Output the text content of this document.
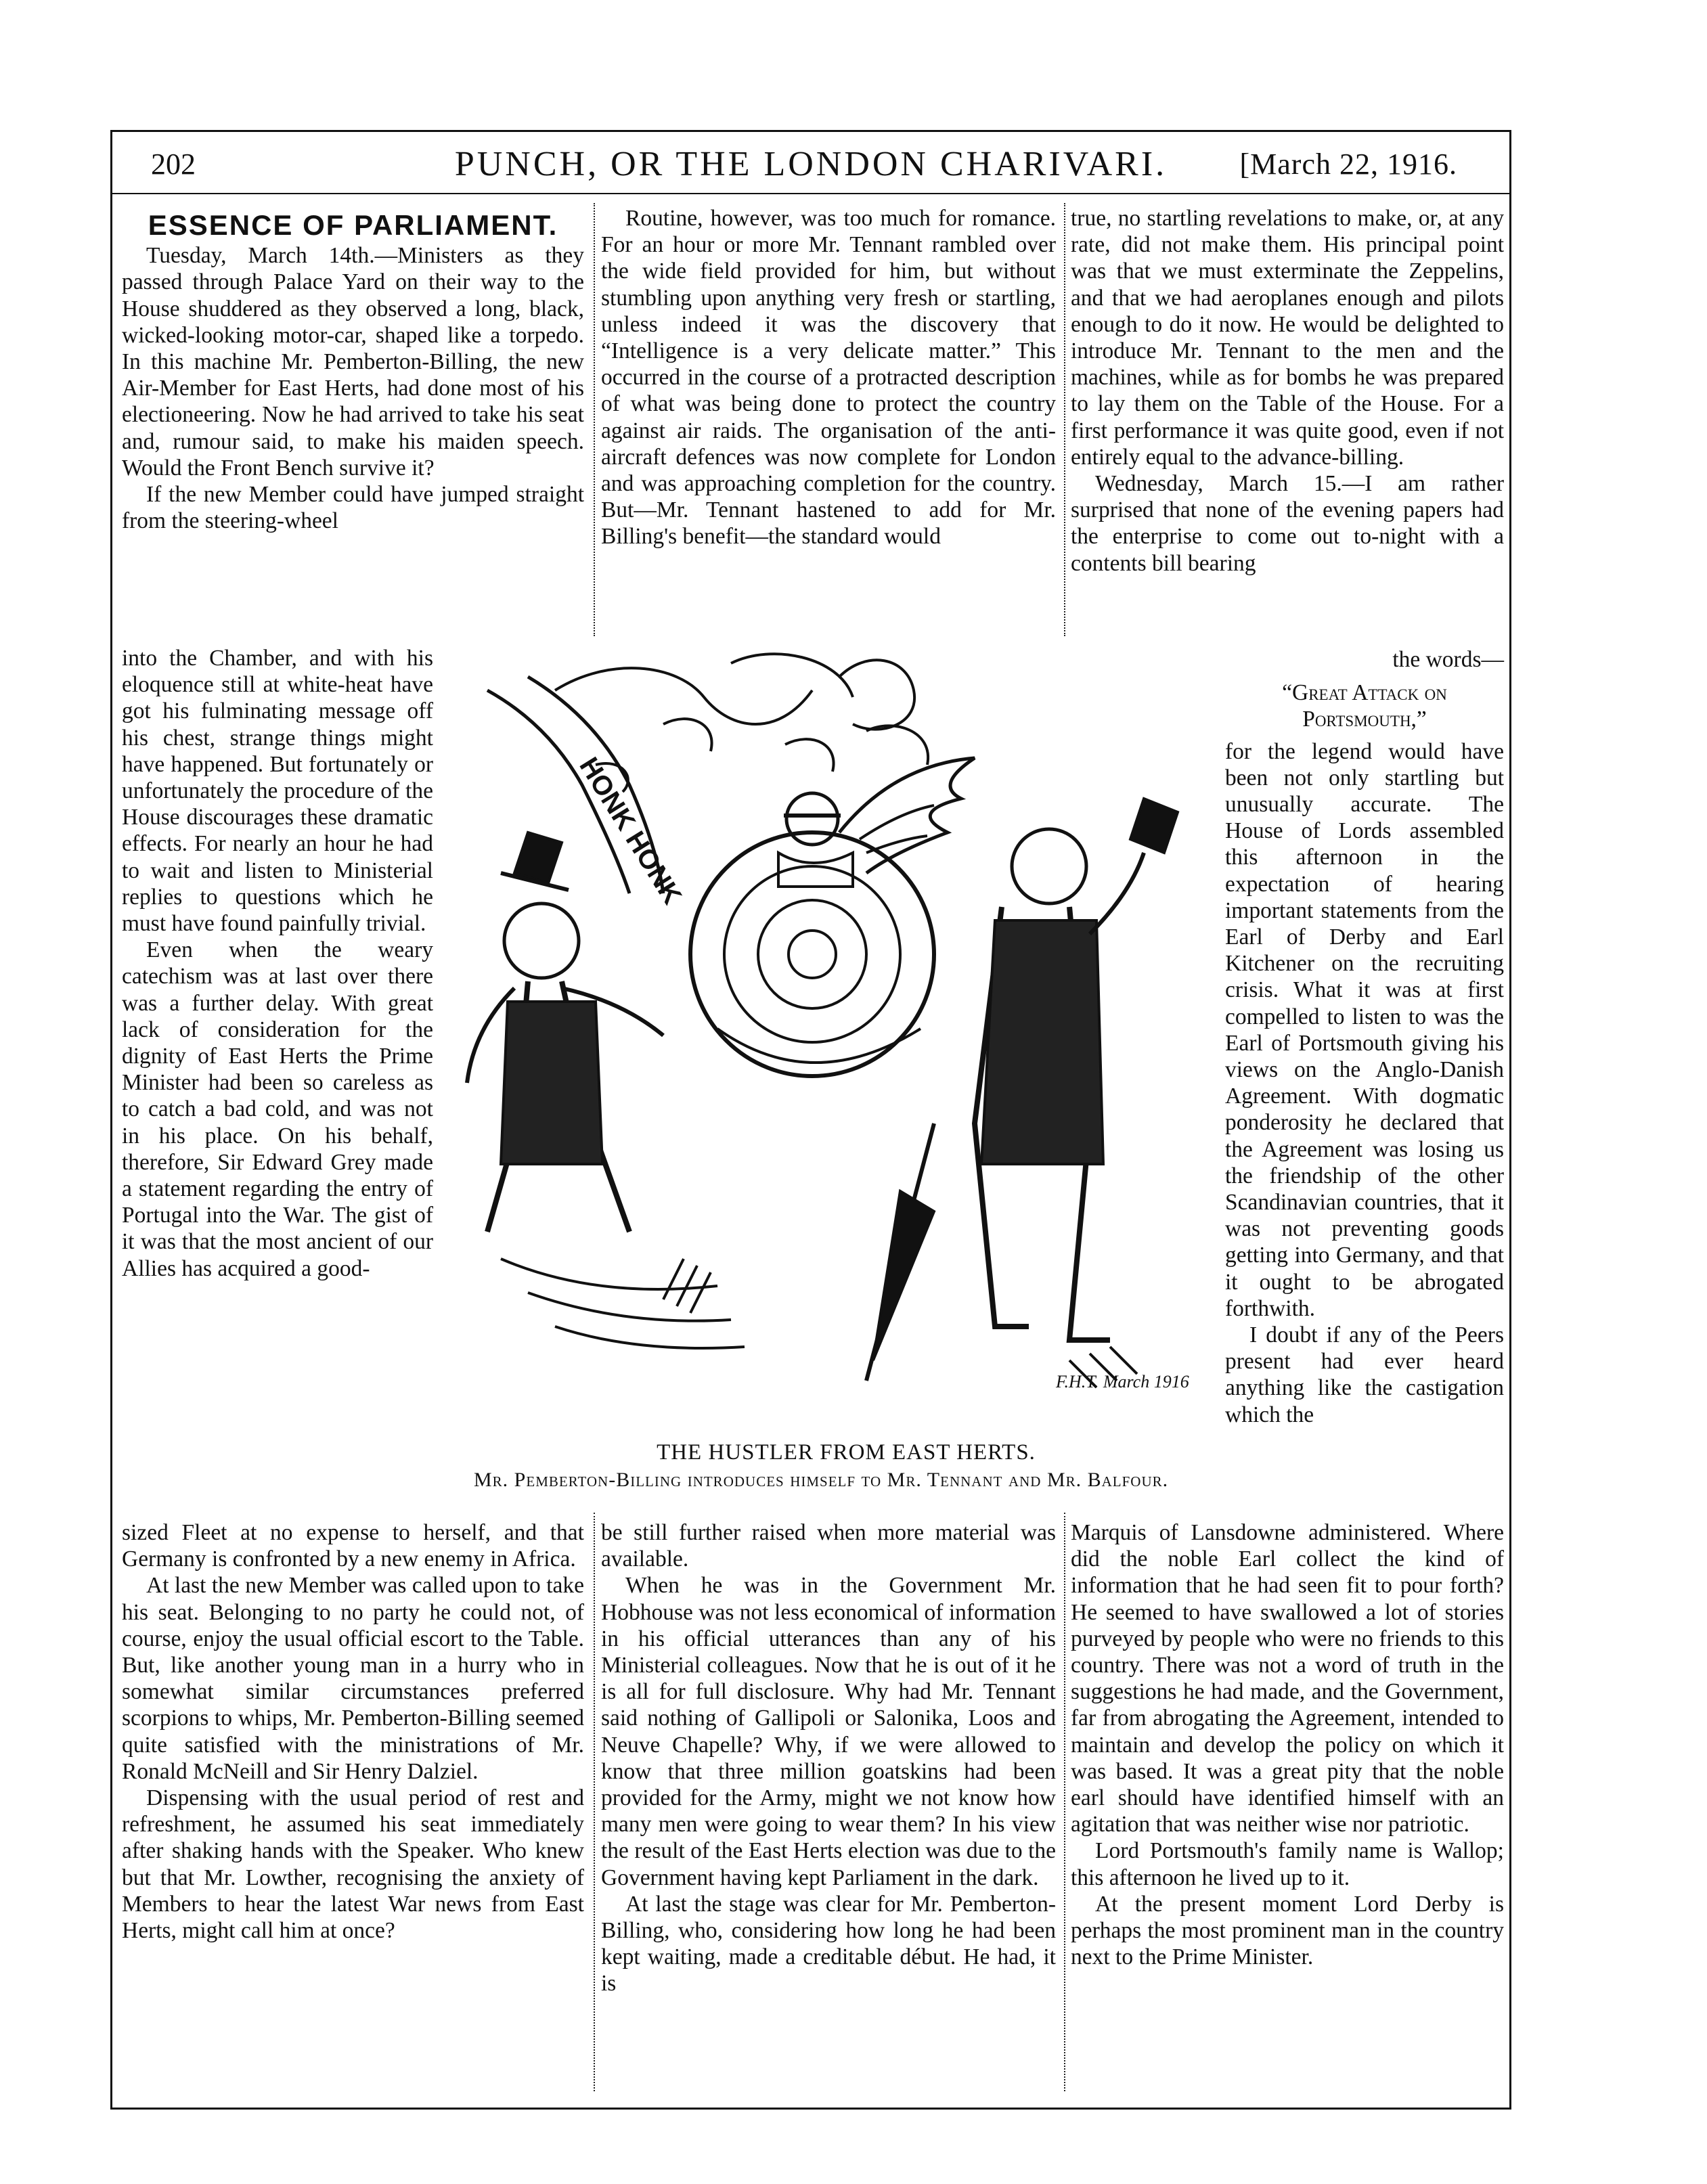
202	PUNCH, OR THE LONDON CHARIVARI.	[March 22, 1916.
ESSENCE OF PARLIAMENT.

Tuesday, March 14th.—Ministers as they passed through Palace Yard on their way to the House shuddered as they observed a long, black, wicked-looking motor-car, shaped like a torpedo. In this machine Mr. Pemberton-Billing, the new Air-Member for East Herts, had done most of his electioneering. Now he had arrived to take his seat and, rumour said, to make his maiden speech. Would the Front Bench survive it?

If the new Member could have jumped straight from the steering-wheel

into the Chamber, and with his eloquence still at white-heat have got his fulminating message off his chest, strange things might have happened. But fortunately or unfortunately the procedure of the House discourages these dramatic effects. For nearly an hour he had to wait and listen to Ministerial replies to questions which he must have found painfully trivial.

Even when the weary catechism was at last over there was a further delay. With great lack of consideration for the dignity of East Herts the Prime Minister had been so careless as to catch a bad cold, and was not in his place. On his behalf, therefore, Sir Edward Grey made a statement regarding the entry of Portugal into the War. The gist of it was that the most ancient of our Allies has acquired a good-

sized Fleet at no expense to herself, and that Germany is confronted by a new enemy in Africa.

At last the new Member was called upon to take his seat. Belonging to no party he could not, of course, enjoy the usual official escort to the Table. But, like another young man in a hurry who in somewhat similar circumstances preferred scorpions to whips, Mr. Pemberton-Billing seemed quite satisfied with the ministrations of Mr. Ronald McNeill and Sir Henry Dalziel.

Dispensing with the usual period of rest and refreshment, he assumed his seat immediately after shaking hands with the Speaker. Who knew but that Mr. Lowther, recognising the anxiety of Members to hear the latest War news from East Herts, might call him at once?

Routine, however, was too much for romance. For an hour or more Mr. Tennant rambled over the wide field provided for him, but without stumbling upon anything very fresh or startling, unless indeed it was the discovery that “Intelligence is a very delicate matter.” This occurred in the course of a protracted description of what was being done to protect the country against air raids. The organisation of the anti-aircraft defences was now complete for London and was approaching completion for the country. But—Mr. Tennant hastened to add for Mr. Billing's benefit—the standard would

be still further raised when more material was available.

When he was in the Government Mr. Hobhouse was not less economical of information in his official utterances than any of his Ministerial colleagues. Now that he is out of it he is all for full disclosure. Why had Mr. Tennant said nothing of Gallipoli or Salonika, Loos and Neuve Chapelle? Why, if we were allowed to know that three million goatskins had been provided for the Army, might we not know how many men were going to wear them? In his view the result of the East Herts election was due to the Government having kept Parliament in the dark.

At last the stage was clear for Mr. Pemberton-Billing, who, considering how long he had been kept waiting, made a creditable début. He had, it is

true, no startling revelations to make, or, at any rate, did not make them. His principal point was that we must exterminate the Zeppelins, and that we had aeroplanes enough and pilots enough to do it now. He would be delighted to introduce Mr. Tennant to the men and the machines, while as for bombs he was prepared to lay them on the Table of the House. For a first performance it was quite good, even if not entirely equal to the advance-billing.

Wednesday, March 15.—I am rather surprised that none of the evening papers had the enterprise to come out to-night with a contents bill bearing

the words—

“Great Attack on

Portsmouth,”

for the legend would have been not only startling but unusually accurate. The House of Lords assembled this afternoon in the expectation of hearing important statements from the Earl of Derby and Earl Kitchener on the recruiting crisis. What it was at first compelled to listen to was the Earl of Portsmouth giving his views on the Anglo-Danish Agreement. With dogmatic ponderosity he declared that the Agreement was losing us the friendship of the other Scandinavian countries, that it was not preventing goods getting into Germany, and that it ought to be abrogated forthwith.

I doubt if any of the Peers present had ever heard anything like the castigation which the

Marquis of Lansdowne administered. Where did the noble Earl collect the kind of information that he had seen fit to pour forth? He seemed to have swallowed a lot of stories purveyed by people who were no friends to this country. There was not a word of truth in the suggestions he had made, and the Government, far from abrogating the Agreement, intended to maintain and develop the policy on which it was based. It was a great pity that the noble earl should have identified himself with an agitation that was neither wise nor patriotic.

Lord Portsmouth's family name is Wallop; this afternoon he lived up to it.

At the present moment Lord Derby is perhaps the most prominent man in the country next to the Prime Minister.

HONK HONK
F.H.T. March 1916
THE HUSTLER FROM EAST HERTS.
Mr. Pemberton-Billing introduces himself to Mr. Tennant and Mr. Balfour.
